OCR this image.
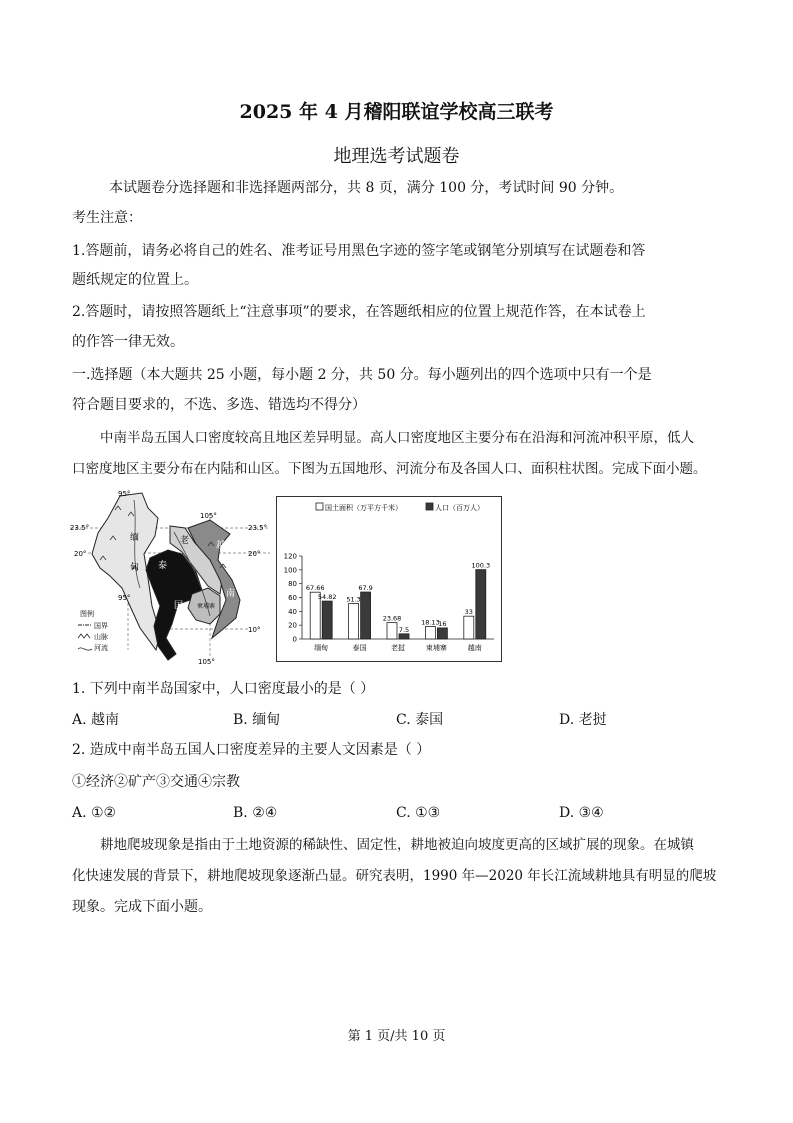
2025 年 4 月稽阳联谊学校高三联考
地理选考试题卷
本试题卷分选择题和非选择题两部分，共 8 页，满分 100 分，考试时间 90 分钟。
考生注意：
1.答题前，请务必将自己的姓名、准考证号用黑色字迹的签字笔或钢笔分别填写在试题卷和答
题纸规定的位置上。
2.答题时，请按照答题纸上“注意事项”的要求，在答题纸相应的位置上规范作答，在本试卷上
的作答一律无效。
一.选择题（本大题共 25 小题，每小题 2 分，共 50 分。每小题列出的四个选项中只有一个是
符合题目要求的，不选、多选、错选均不得分）
中南半岛五国人口密度较高且地区差异明显。高人口密度地区主要分布在沿海和河流冲积平原，低人
口密度地区主要分布在内陆和山区。下图为五国地形、河流分布及各国人口、面积柱状图。完成下面小题。
95°
105°
23.5°	23.5°
20°	20°
95°
10°
105°
缅
甸 泰
国
老	越
南
柬埔寨
图例
国界
山脉
河流
国土面积（万平方千米）	人口（百万人）
0
20
40
60
80
100
120
67.66
54.82 51.3
67.9
23.68
7.5
18.13
16
33
100.3
缅甸	泰国	老挝	柬埔寨	越南
1. 下列中南半岛国家中，人口密度最小的是（ ）
A. 越南	B. 缅甸	C. 泰国	D. 老挝
2. 造成中南半岛五国人口密度差异的主要人文因素是（ ）
①经济②矿产③交通④宗教
A. ①②	B. ②④	C. ①③	D. ③④
耕地爬坡现象是指由于土地资源的稀缺性、固定性，耕地被迫向坡度更高的区域扩展的现象。在城镇
化快速发展的背景下，耕地爬坡现象逐渐凸显。研究表明，1990 年—2020 年长江流域耕地具有明显的爬坡
现象。完成下面小题。
第 1 页/共 10 页
